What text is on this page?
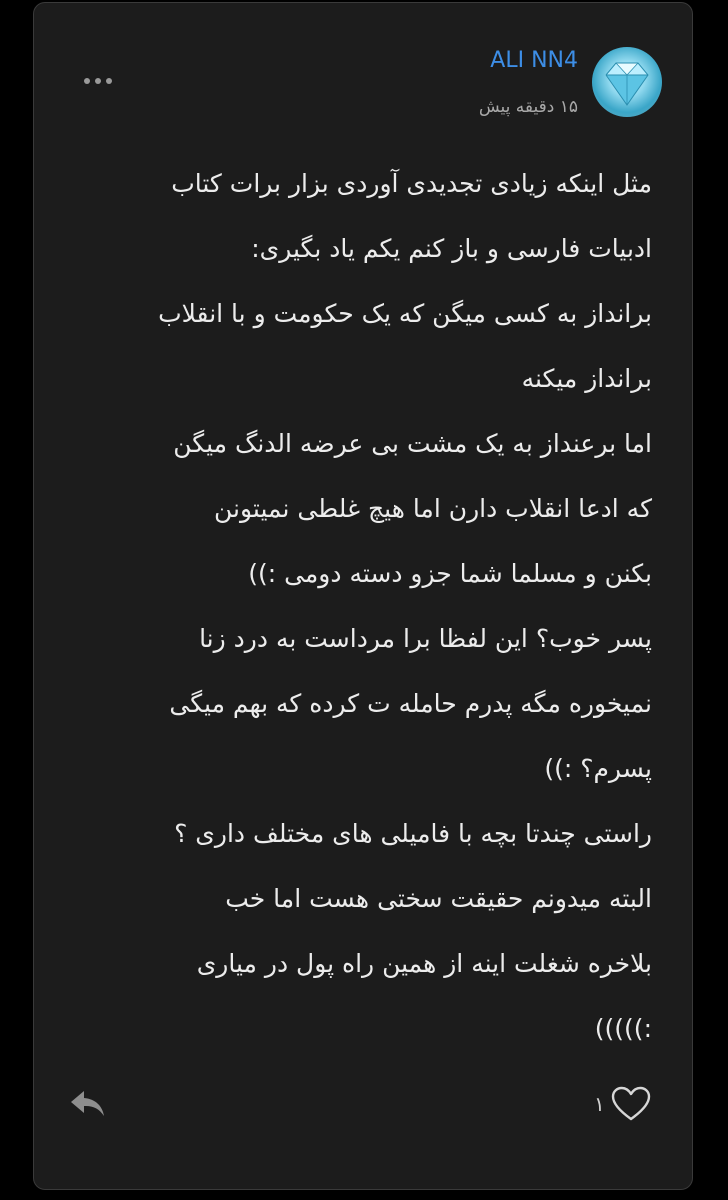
ALI NN4
۱۵ دقیقه پیش
مثل اینکه زیادی تجدیدی آوردی بزار برات کتاب
ادبیات فارسی و باز کنم یکم یاد بگیری:
برانداز به کسی میگن که یک حکومت و با انقلاب
برانداز میکنه
اما برعنداز به یک مشت بی عرضه الدنگ میگن
که ادعا انقلاب دارن اما هیچ غلطی نمیتونن
بکنن و مسلما شما جزو دسته دومی :))
پسر خوب؟ این لفظا برا مرداست به درد زنا
نمیخوره مگه پدرم حامله ت کرده که بهم میگی
پسرم؟ :))
راستی چندتا بچه با فامیلی های مختلف داری ؟
البته میدونم حقیقت سختی هست اما خب
بلاخره شغلت اینه از همین راه پول در میاری
:)))))
۱
